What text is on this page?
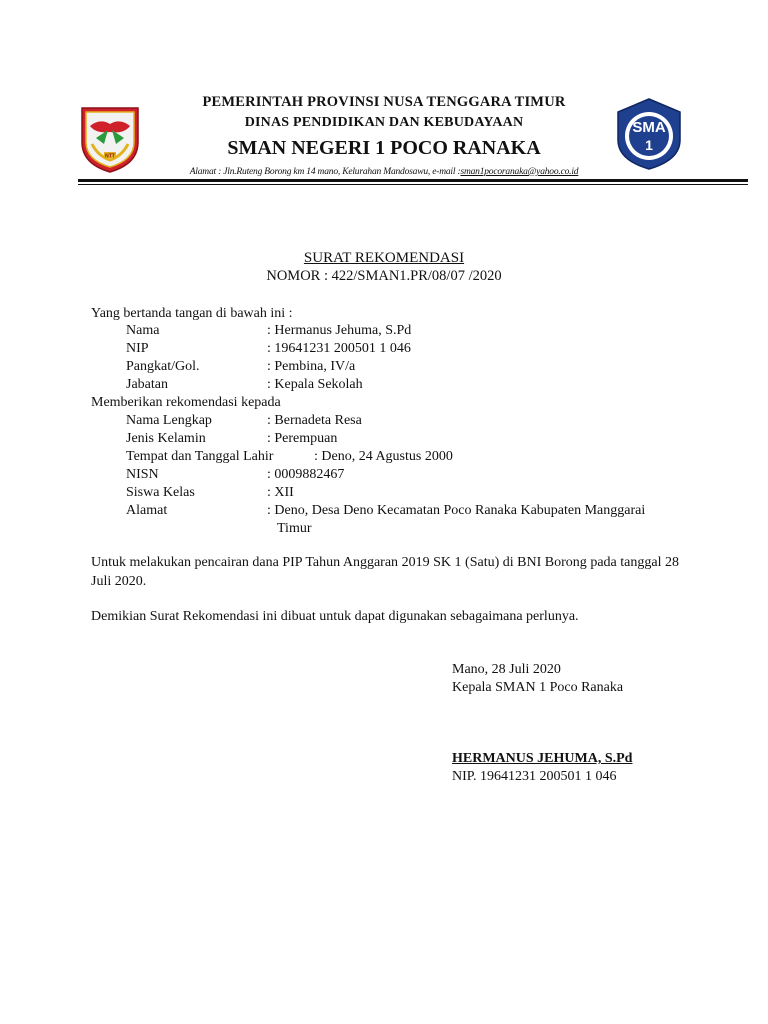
NTT
SMA
1
PEMERINTAH PROVINSI NUSA TENGGARA TIMUR
DINAS PENDIDIKAN DAN KEBUDAYAAN
SMAN NEGERI 1 POCO RANAKA
Alamat : Jln.Ruteng Borong km 14 mano, Kelurahan Mandosawu, e-mail :sman1pocoranaka@yahoo.co.id
SURAT REKOMENDASI
NOMOR : 422/SMAN1.PR/08/07 /2020
Yang bertanda tangan di bawah ini :
Nama	: Hermanus Jehuma, S.Pd
NIP	: 19641231 200501 1 046
Pangkat/Gol.	: Pembina, IV/a
Jabatan	: Kepala Sekolah
Memberikan rekomendasi kepada
Nama Lengkap	: Bernadeta Resa
Jenis Kelamin	: Perempuan
Tempat dan Tanggal Lahir	: Deno, 24 Agustus 2000
NISN	: 0009882467
Siswa Kelas	: XII
Alamat	: Deno, Desa Deno Kecamatan Poco Ranaka Kabupaten Manggarai
Timur
Untuk melakukan pencairan dana PIP Tahun Anggaran 2019 SK 1 (Satu) di BNI Borong pada tanggal 28 Juli 2020.
Demikian Surat Rekomendasi ini dibuat untuk dapat digunakan sebagaimana perlunya.
Mano, 28 Juli 2020
Kepala SMAN 1 Poco Ranaka
HERMANUS JEHUMA, S.Pd
NIP. 19641231 200501 1 046
